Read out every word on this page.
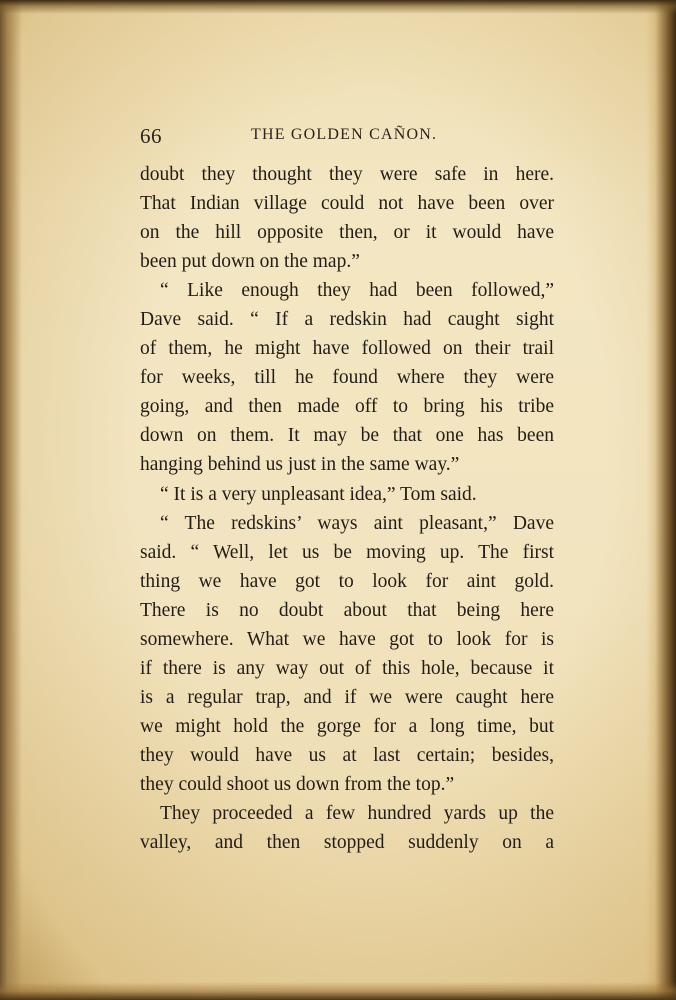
66	THE GOLDEN CAÑON.
doubt they thought they were safe in here.
That Indian village could not have been over
on the hill opposite then, or it would have
been put down on the map.”
“ Like enough they had been followed,”
Dave said. “ If a redskin had caught sight
of them, he might have followed on their trail
for weeks, till he found where they were
going, and then made off to bring his tribe
down on them. It may be that one has been
hanging behind us just in the same way.”
“ It is a very unpleasant idea,” Tom said.
“ The redskins’ ways aint pleasant,” Dave
said. “ Well, let us be moving up. The first
thing we have got to look for aint gold.
There is no doubt about that being here
somewhere. What we have got to look for is
if there is any way out of this hole, because it
is a regular trap, and if we were caught here
we might hold the gorge for a long time, but
they would have us at last certain; besides,
they could shoot us down from the top.”
They proceeded a few hundred yards up the
valley, and then stopped suddenly on a
